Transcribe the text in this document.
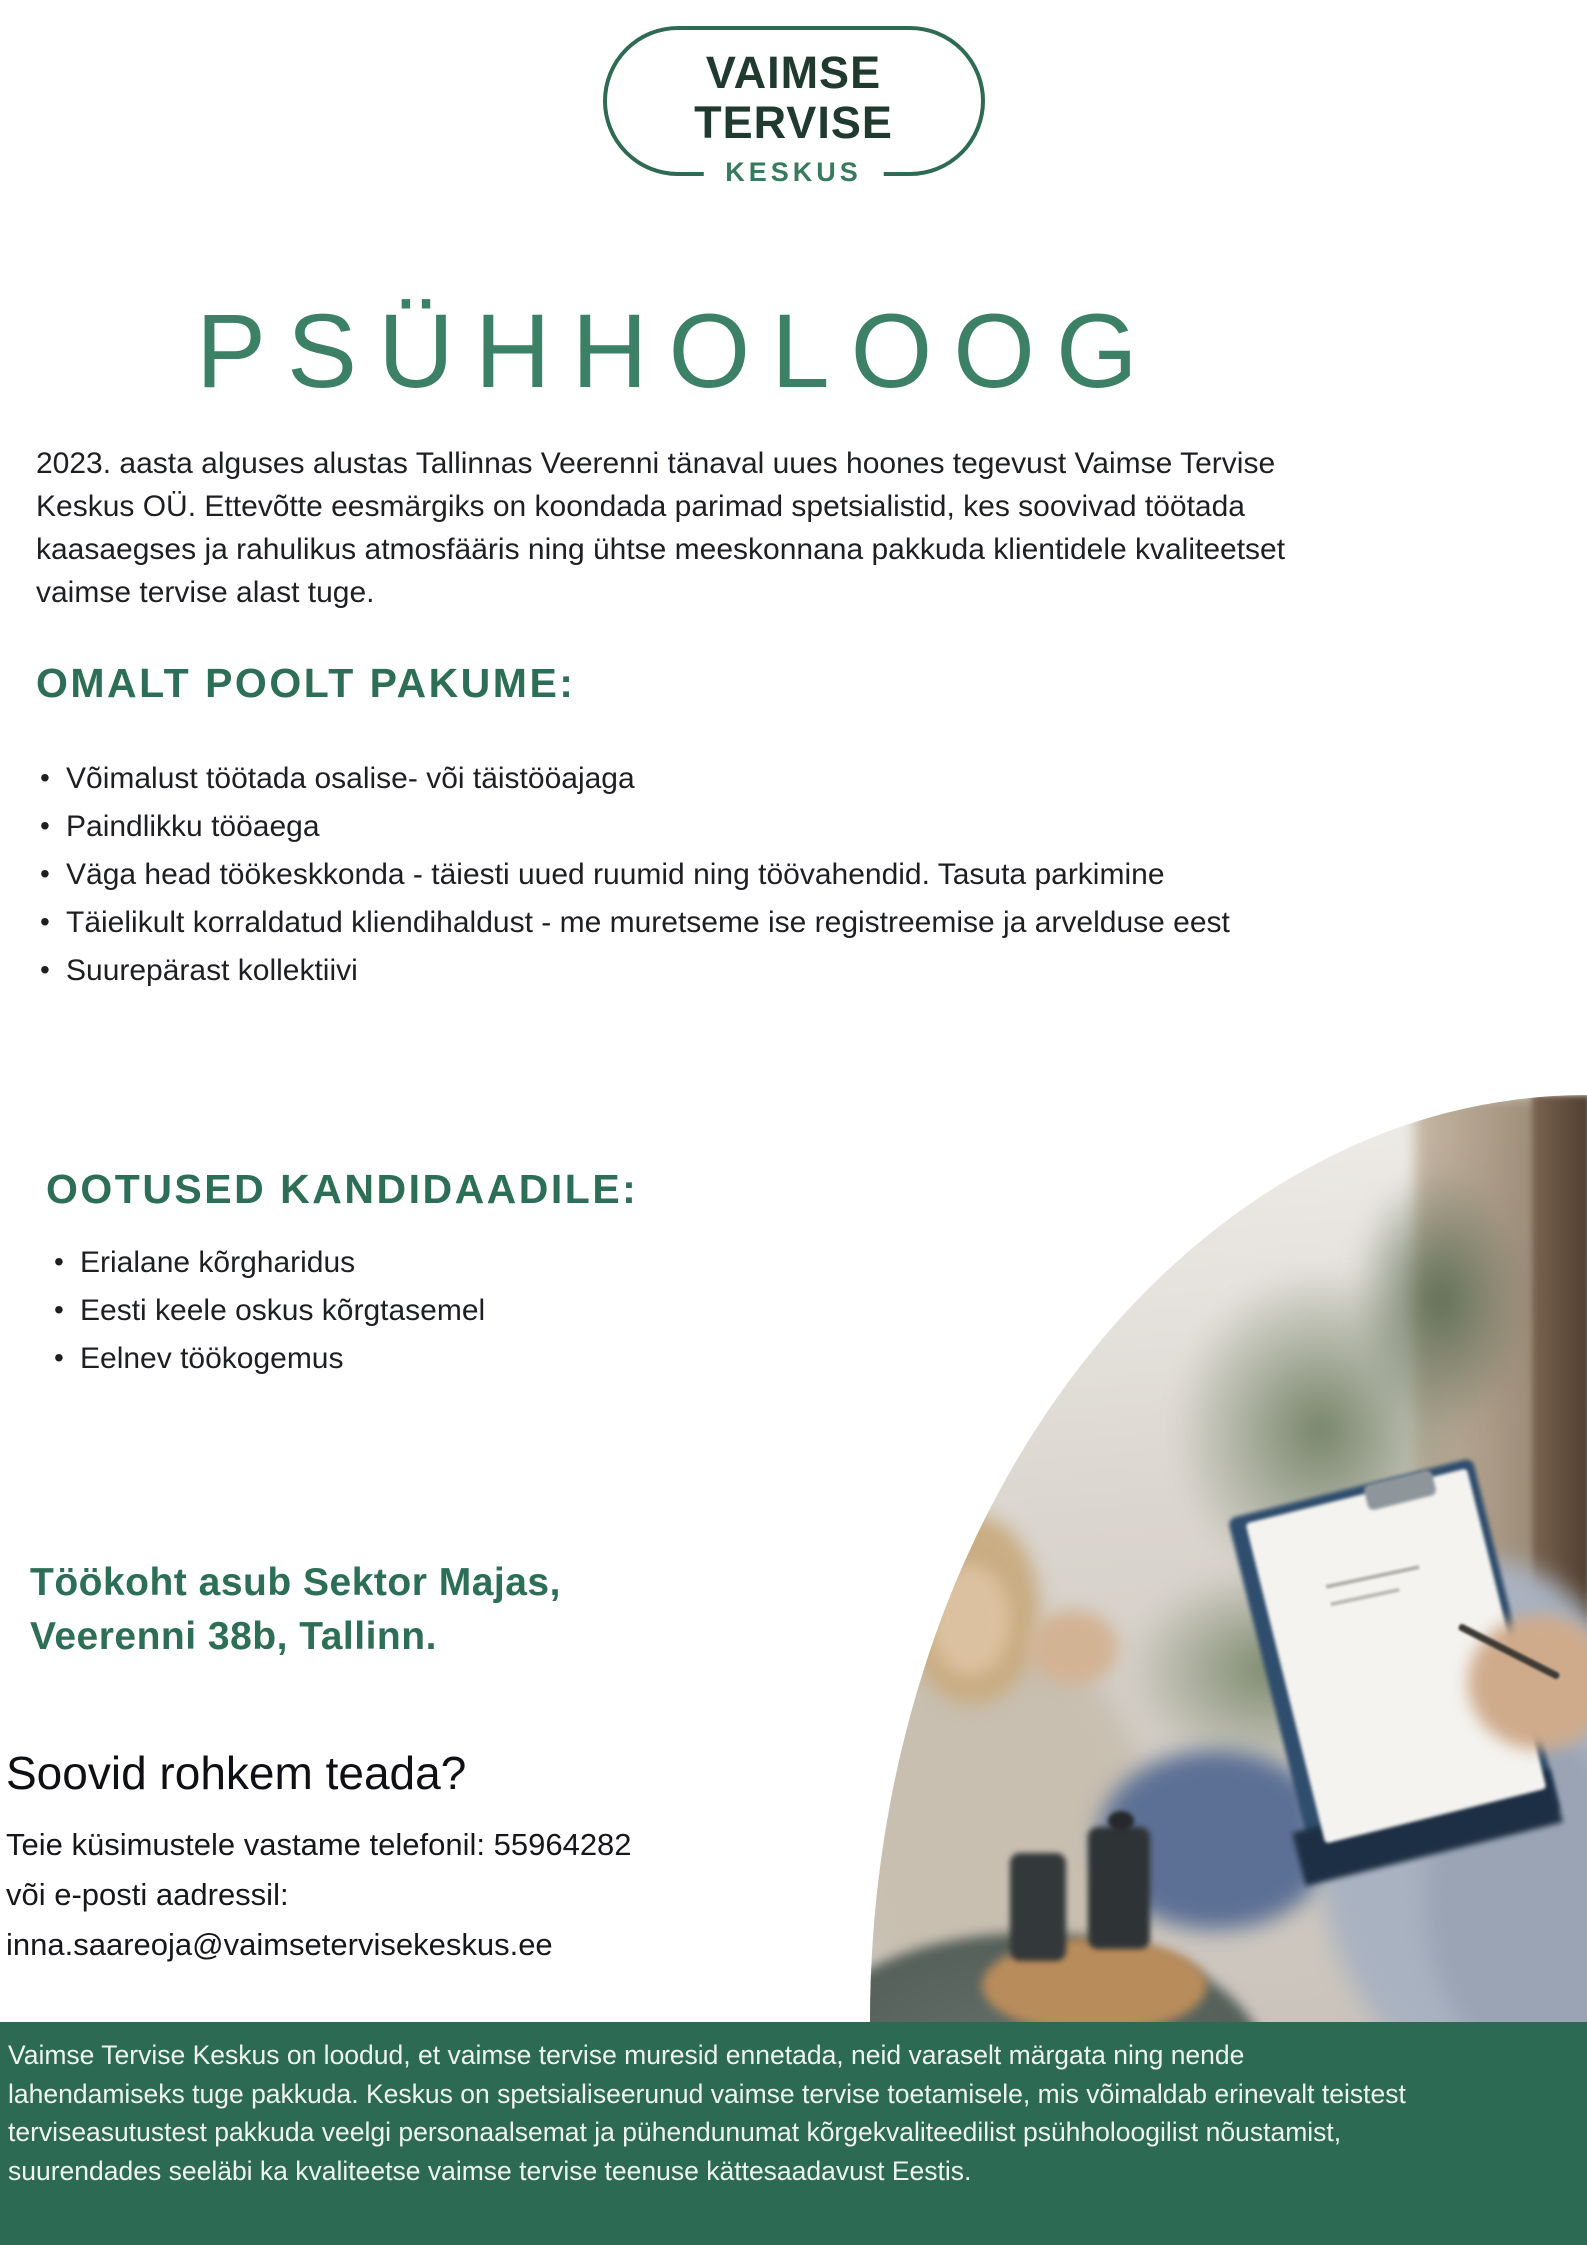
VAIMSE
TERVISE
KESKUS
PSÜHHOLOOG
2023. aasta alguses alustas Tallinnas Veerenni tänaval uues hoones tegevust Vaimse Tervise
Keskus OÜ. Ettevõtte eesmärgiks on koondada parimad spetsialistid, kes soovivad töötada
kaasaegses ja rahulikus atmosfääris ning ühtse meeskonnana pakkuda klientidele kvaliteetset
vaimse tervise alast tuge.
OMALT POOLT PAKUME:
• Võimalust töötada osalise- või täistööajaga
• Paindlikku tööaega
• Väga head töökeskkonda - täiesti uued ruumid ning töövahendid. Tasuta parkimine
• Täielikult korraldatud kliendihaldust - me muretseme ise registreemise ja arvelduse eest
• Suurepärast kollektiivi
OOTUSED KANDIDAADILE:
• Erialane kõrgharidus
• Eesti keele oskus kõrgtasemel
• Eelnev töökogemus
Töökoht asub Sektor Majas,
Veerenni 38b, Tallinn.
Soovid rohkem teada?
Teie küsimustele vastame telefonil: 55964282
või e-posti aadressil:
inna.saareoja@vaimsetervisekeskus.ee
Vaimse Tervise Keskus on loodud, et vaimse tervise muresid ennetada, neid varaselt märgata ning nende
lahendamiseks tuge pakkuda. Keskus on spetsialiseerunud vaimse tervise toetamisele, mis võimaldab erinevalt teistest
terviseasutustest pakkuda veelgi personaalsemat ja pühendunumat kõrgekvaliteedilist psühholoogilist nõustamist,
suurendades seeläbi ka kvaliteetse vaimse tervise teenuse kättesaadavust Eestis.
